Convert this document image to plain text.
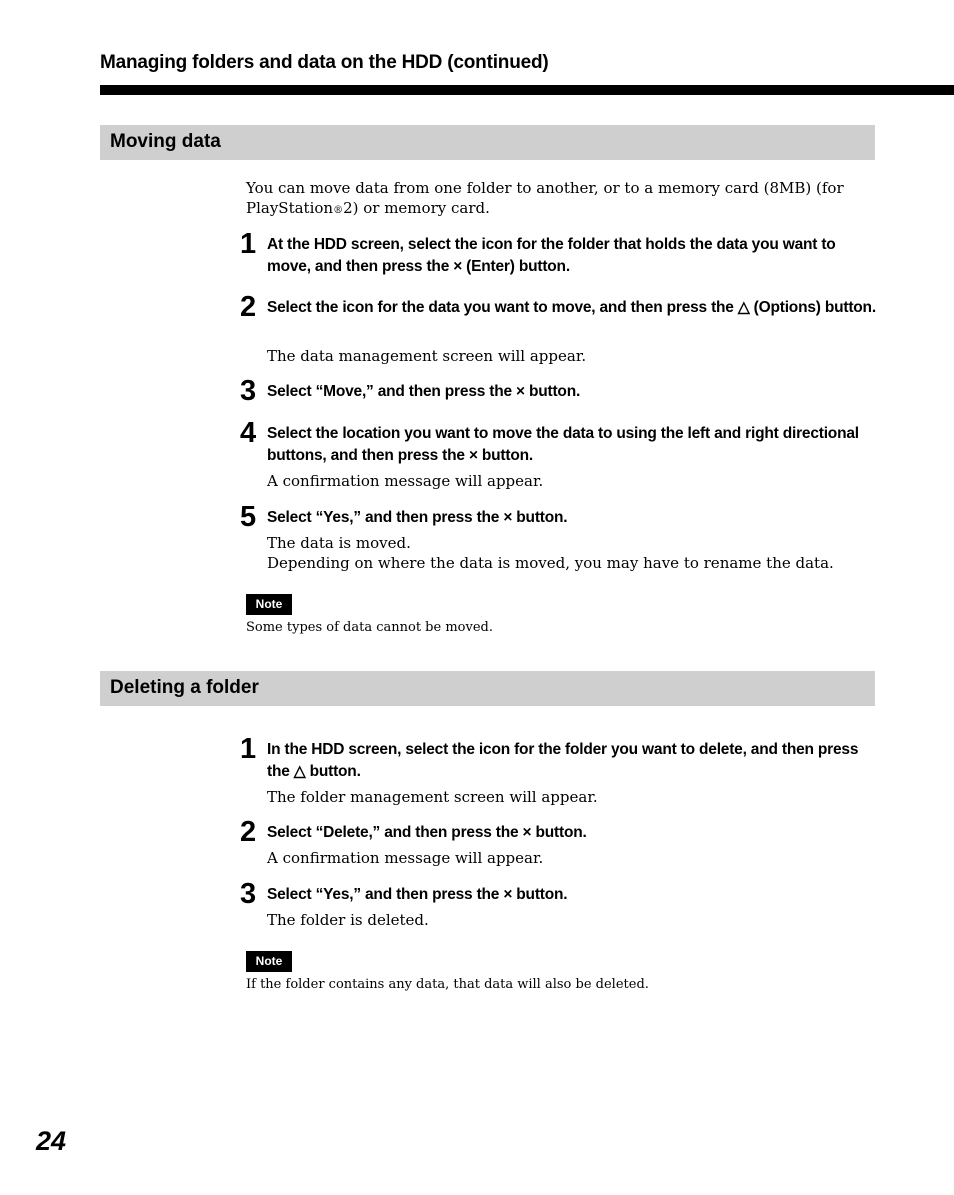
Managing folders and data on the HDD (continued)
Moving data
You can move data from one folder to another, or to a memory card (8MB) (for
PlayStation®2) or memory card.
1 At the HDD screen, select the icon for the folder that holds the data you want to move, and then press the × (Enter) button.
2 Select the icon for the data you want to move, and then press the △ (Options) button.
The data management screen will appear.
3 Select “Move,” and then press the × button.
4 Select the location you want to move the data to using the left and right directional buttons, and then press the × button.
A confirmation message will appear.
5 Select “Yes,” and then press the × button.
The data is moved.
Depending on where the data is moved, you may have to rename the data.
Note
Some types of data cannot be moved.
Deleting a folder
1 In the HDD screen, select the icon for the folder you want to delete, and then press the △ button.
The folder management screen will appear.
2 Select “Delete,” and then press the × button.
A confirmation message will appear.
3 Select “Yes,” and then press the × button.
The folder is deleted.
Note
If the folder contains any data, that data will also be deleted.
24
